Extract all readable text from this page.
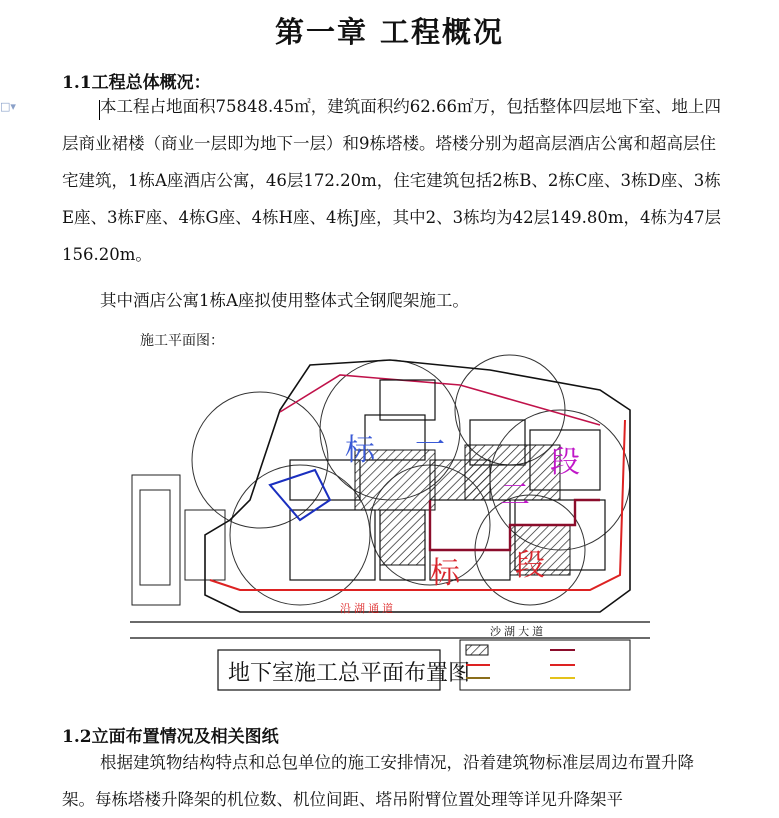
第一章 工程概况
□▾
1.1工程总体概况：

本工程占地面积75848.45㎡，建筑面积约62.66㎡万，包括整体四层地下室、地上四层商业裙楼（商业一层即为地下一层）和9栋塔楼。塔楼分别为超高层酒店公寓和超高层住宅建筑，1栋A座酒店公寓，46层172.20m，住宅建筑包括2栋B、2栋C座、3栋D座、3栋E座、3栋F座、4栋G座、4栋H座、4栋J座，其中2、3栋均为42层149.80m，4栋为47层156.20m。

其中酒店公寓1栋A座拟使用整体式全钢爬架施工。

施工平面图：
沿 湖 通 道
沙 湖 大 道
标 一	段
二
标 段
地下室施工总平面布置图
1.2立面布置情况及相关图纸

根据建筑物结构特点和总包单位的施工安排情况，沿着建筑物标准层周边布置升降架。每栋塔楼升降架的机位数、机位间距、塔吊附臂位置处理等详见升降架平
